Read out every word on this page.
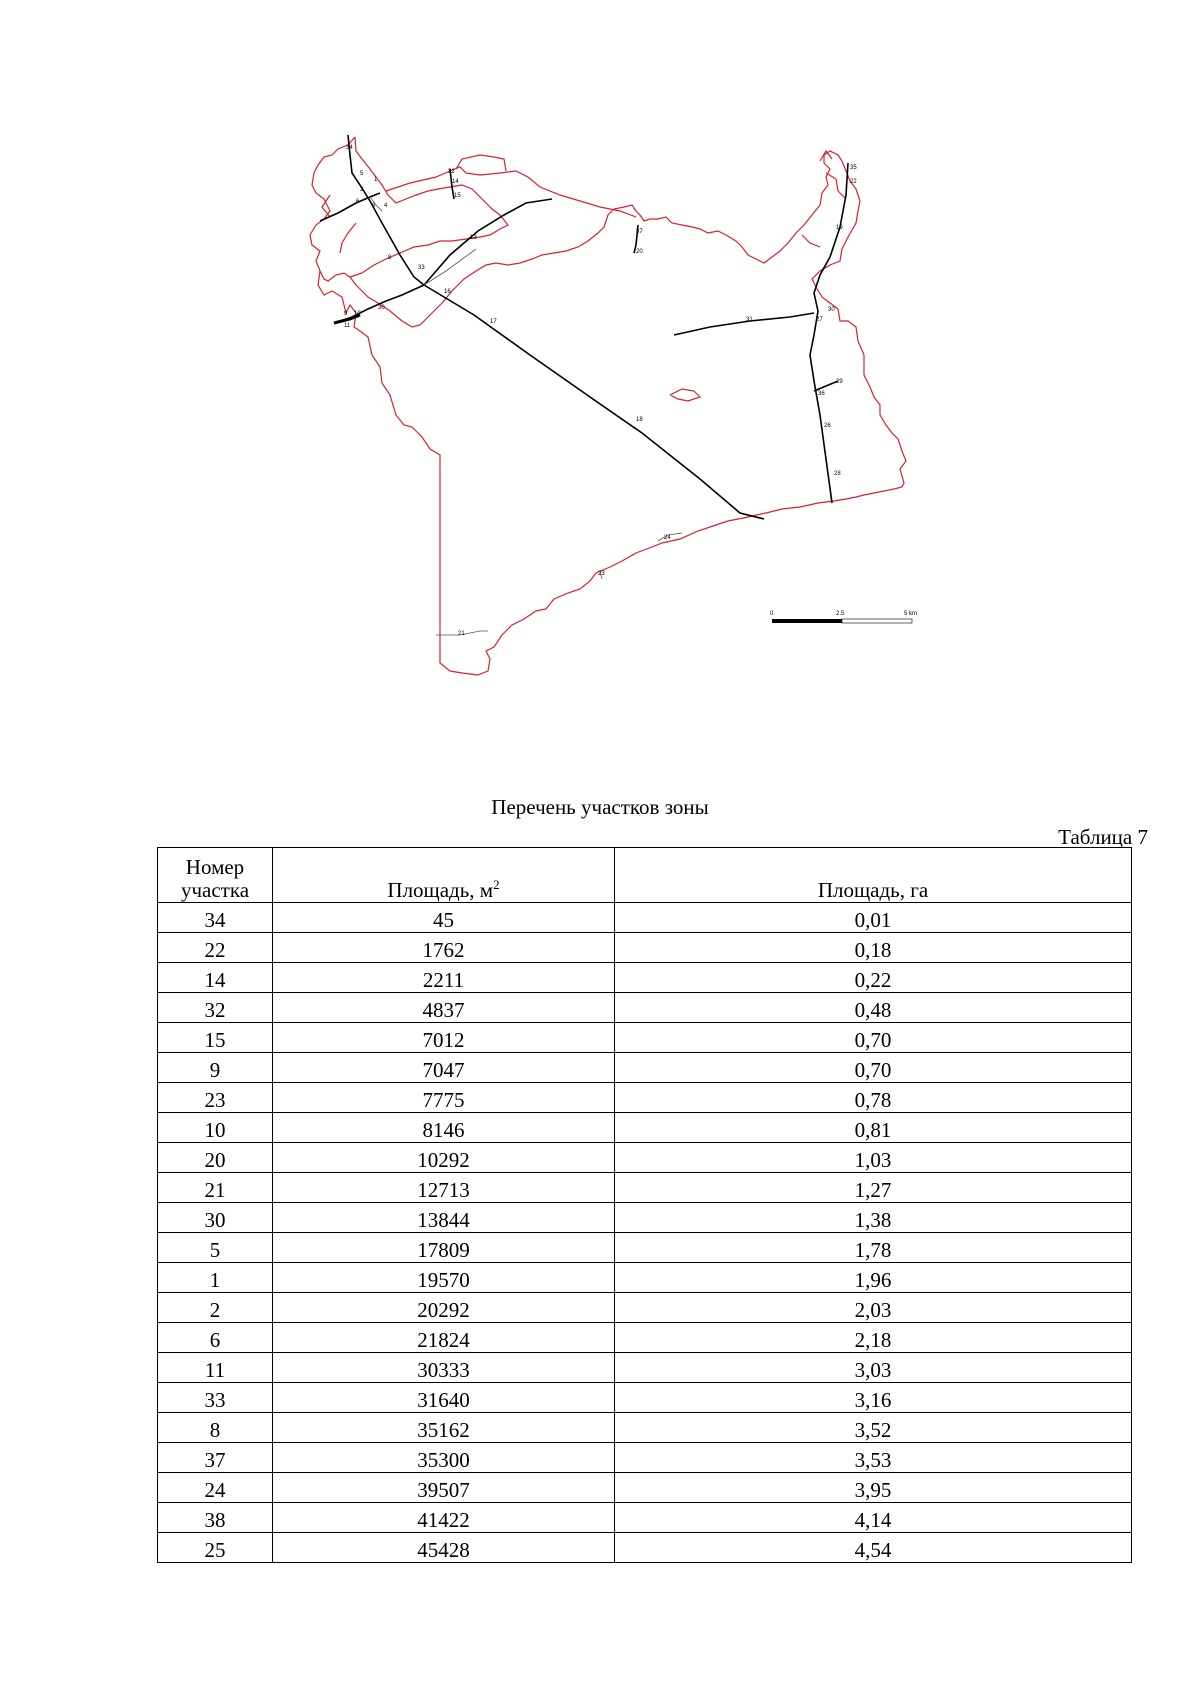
34
32
14
15
13
37
20
35
22
19
33
16
17	31	27
30
29
36
26
28
18
24
23
21
9
11
10
30
8
3 4
5
1
2
6
0	2.5	5 km
Перечень участков зоны
Таблица 7
Номер
участка	Площадь, $м^2$	Площадь, га
34	45	0,01
22	1762	0,18
14	2211	0,22
32	4837	0,48
15	7012	0,70
9	7047	0,70
23	7775	0,78
10	8146	0,81
20	10292	1,03
21	12713	1,27
30	13844	1,38
5	17809	1,78
1	19570	1,96
2	20292	2,03
6	21824	2,18
11	30333	3,03
33	31640	3,16
8	35162	3,52
37	35300	3,53
24	39507	3,95
38	41422	4,14
25	45428	4,54
